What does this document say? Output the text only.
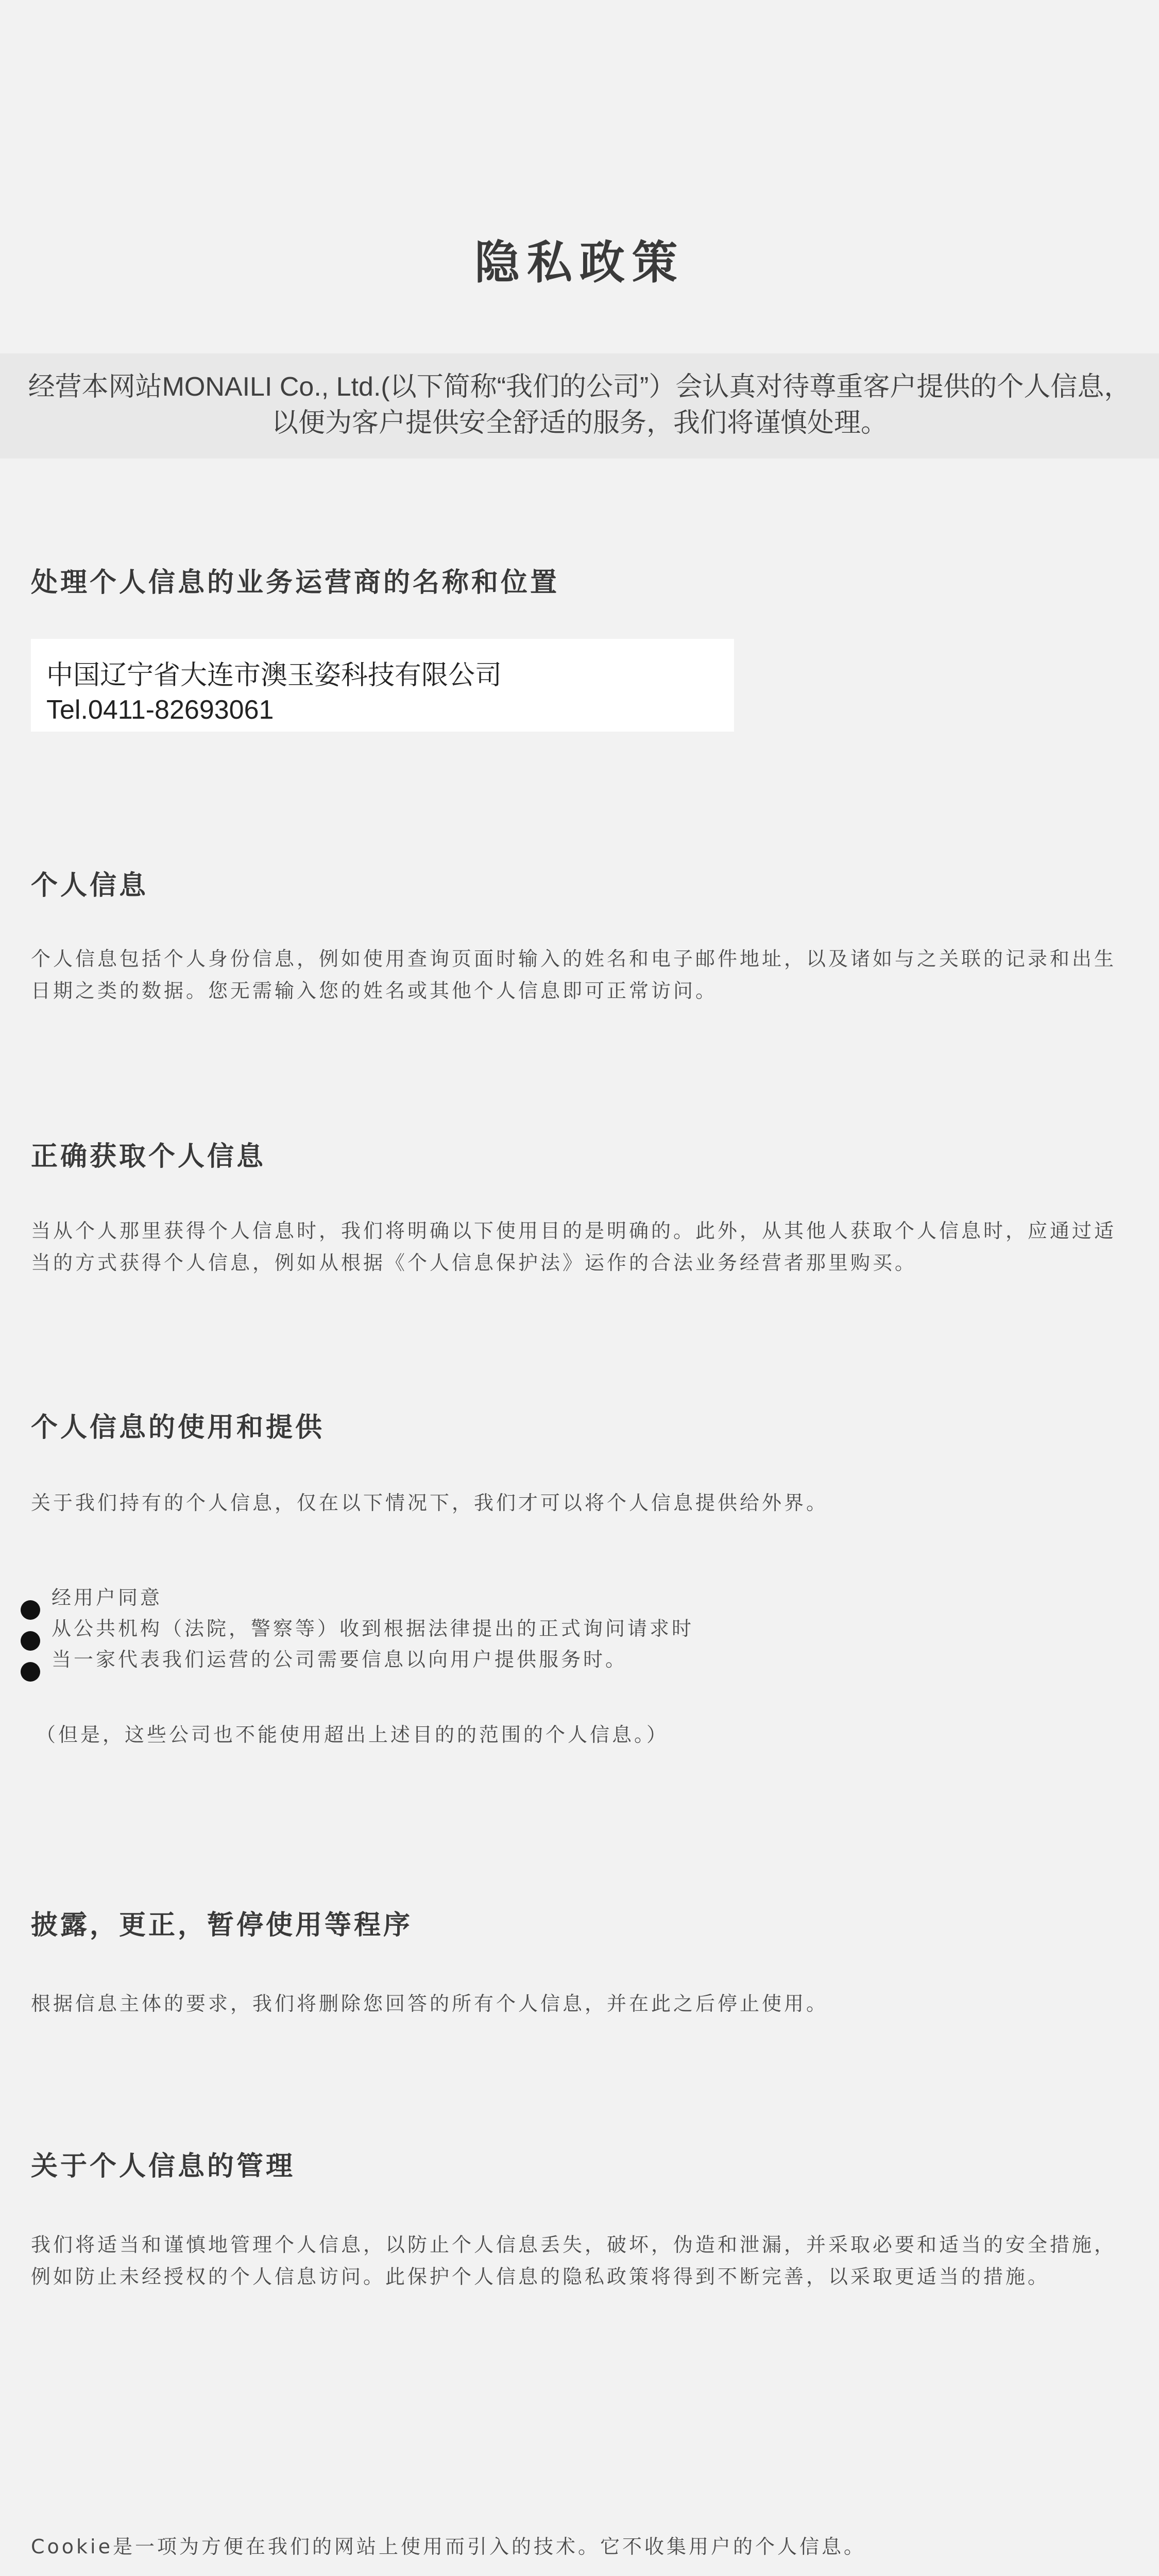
隐私政策

经营本网站MONAILI Co., Ltd.(以下简称“我们的公司”）会认真对待尊重客户提供的个人信息，以便为客户提供安全舒适的服务，我们将谨慎处理。

处理个人信息的业务运营商的名称和位置

中国辽宁省大连市澳玉姿科技有限公司

Tel.0411-82693061

个人信息

个人信息包括个人身份信息，例如使用查询页面时输入的姓名和电子邮件地址，以及诸如与之关联的记录和出生日期之类的数据。您无需输入您的姓名或其他个人信息即可正常访问。

正确获取个人信息

当从个人那里获得个人信息时，我们将明确以下使用目的是明确的。此外，从其他人获取个人信息时，应通过适当的方式获得个人信息，例如从根据《个人信息保护法》运作的合法业务经营者那里购买。

个人信息的使用和提供

关于我们持有的个人信息，仅在以下情况下，我们才可以将个人信息提供给外界。

经用户同意

从公共机构（法院，警察等）收到根据法律提出的正式询问请求时

当一家代表我们运营的公司需要信息以向用户提供服务时。

（但是，这些公司也不能使用超出上述目的的范围的个人信息。）

披露，更正，暂停使用等程序

根据信息主体的要求，我们将删除您回答的所有个人信息，并在此之后停止使用。

关于个人信息的管理

我们将适当和谨慎地管理个人信息，以防止个人信息丢失，破坏，伪造和泄漏，并采取必要和适当的安全措施，例如防止未经授权的个人信息访问。此保护个人信息的隐私政策将得到不断完善，以采取更适当的措施。

Cookie是一项为方便在我们的网站上使用而引入的技术。它不收集用户的个人信息。
